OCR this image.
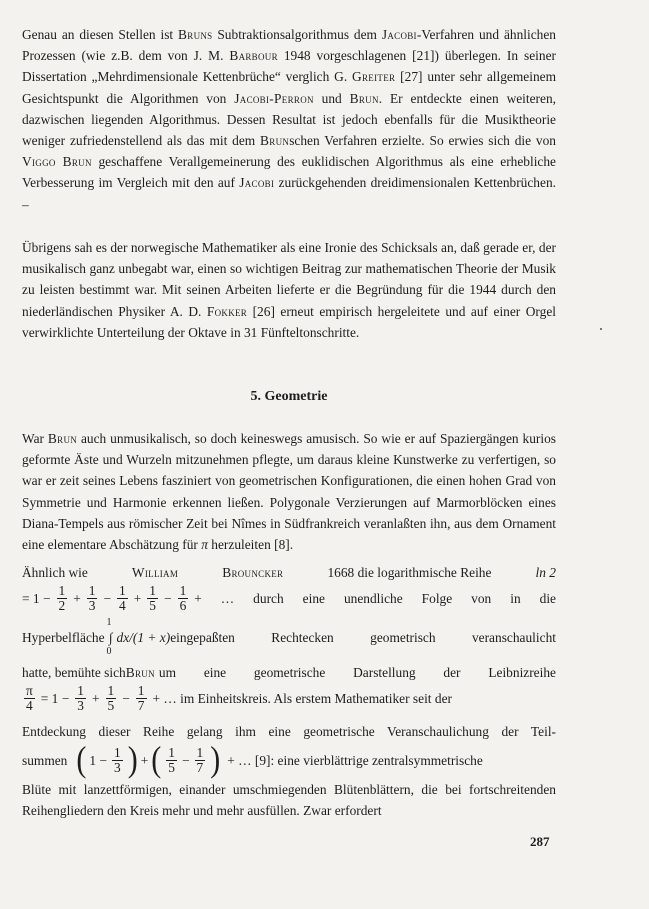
Genau an diesen Stellen ist Bruns Subtraktionsalgorithmus dem Jacobi-Verfahren und ähnlichen Prozessen (wie z.B. dem von J. M. Barbour 1948 vorgeschlagenen [21]) überlegen. In seiner Dissertation „Mehrdimensionale Kettenbrüche“ verglich G. Greiter [27] unter sehr allgemeinem Gesichtspunkt die Algorithmen von Jacobi-Perron und Brun. Er entdeckte einen weiteren, dazwischen liegenden Algorithmus. Dessen Resultat ist jedoch ebenfalls für die Musiktheorie weniger zufriedenstellend als das mit dem Brunschen Verfahren erzielte. So erwies sich die von Viggo Brun geschaffene Verallgemeinerung des euklidischen Algorithmus als eine erhebliche Verbesserung im Vergleich mit den auf Jacobi zurückgehenden dreidimensionalen Kettenbrüchen. –

Übrigens sah es der norwegische Mathematiker als eine Ironie des Schicksals an, daß gerade er, der musikalisch ganz unbegabt war, einen so wichtigen Beitrag zur mathematischen Theorie der Musik zu leisten bestimmt war. Mit seinen Arbeiten lieferte er die Begründung für die 1944 durch den niederländischen Physiker A. D. Fokker [26] erneut empirisch hergeleitete und auf einer Orgel verwirklichte Unterteilung der Oktave in 31 Fünfteltonschritte.

5. Geometrie

War Brun auch unmusikalisch, so doch keineswegs amusisch. So wie er auf Spaziergängen kurios geformte Äste und Wurzeln mitzunehmen pflegte, um daraus kleine Kunstwerke zu verfertigen, so war er zeit seines Lebens fasziniert von geometrischen Konfigurationen, die einen hohen Grad von Symmetrie und Harmonie erkennen ließen. Polygonale Verzierungen auf Marmorblöcken eines Diana-Tempels aus römischer Zeit bei Nîmes in Südfrankreich veranlaßten ihn, aus dem Ornament eine elementare Abschätzung für π herzuleiten [8].

Ähnlich wie	William	Brouncker	1668 die logarithmische Reihe	ln 2
= $1 - \frac{1}{2} + \frac{1}{3} - \frac{1}{4} + \frac{1}{5} - \frac{1}{6}$ + … durch eine unendliche Folge von in die
Hyperbelfläche
1
∫
0
dx/(1 + x) eingepaßten Rechtecken geometrisch veranschaulicht
hatte, bemühte sich Brun um eine geometrische Darstellung der Leibnizreihe
$\frac{\pi}{4} = 1 - \frac{1}{3} + \frac{1}{5} - \frac{1}{7}$ + … im Einheitskreis. Als erstem Mathematiker seit der
Entdeckung dieser Reihe gelang ihm eine geometrische Veranschaulichung der Teil-
summen ( $1 - \frac{1}{3}$ ) + ( $\frac{1}{5} - \frac{1}{7}$ ) + … [9]: eine vierblättrige zentralsymmetrische
Blüte mit lanzettförmigen, einander umschmiegenden Blütenblättern, die bei fortschreitenden Reihengliedern den Kreis mehr und mehr ausfüllen. Zwar erfordert
287
